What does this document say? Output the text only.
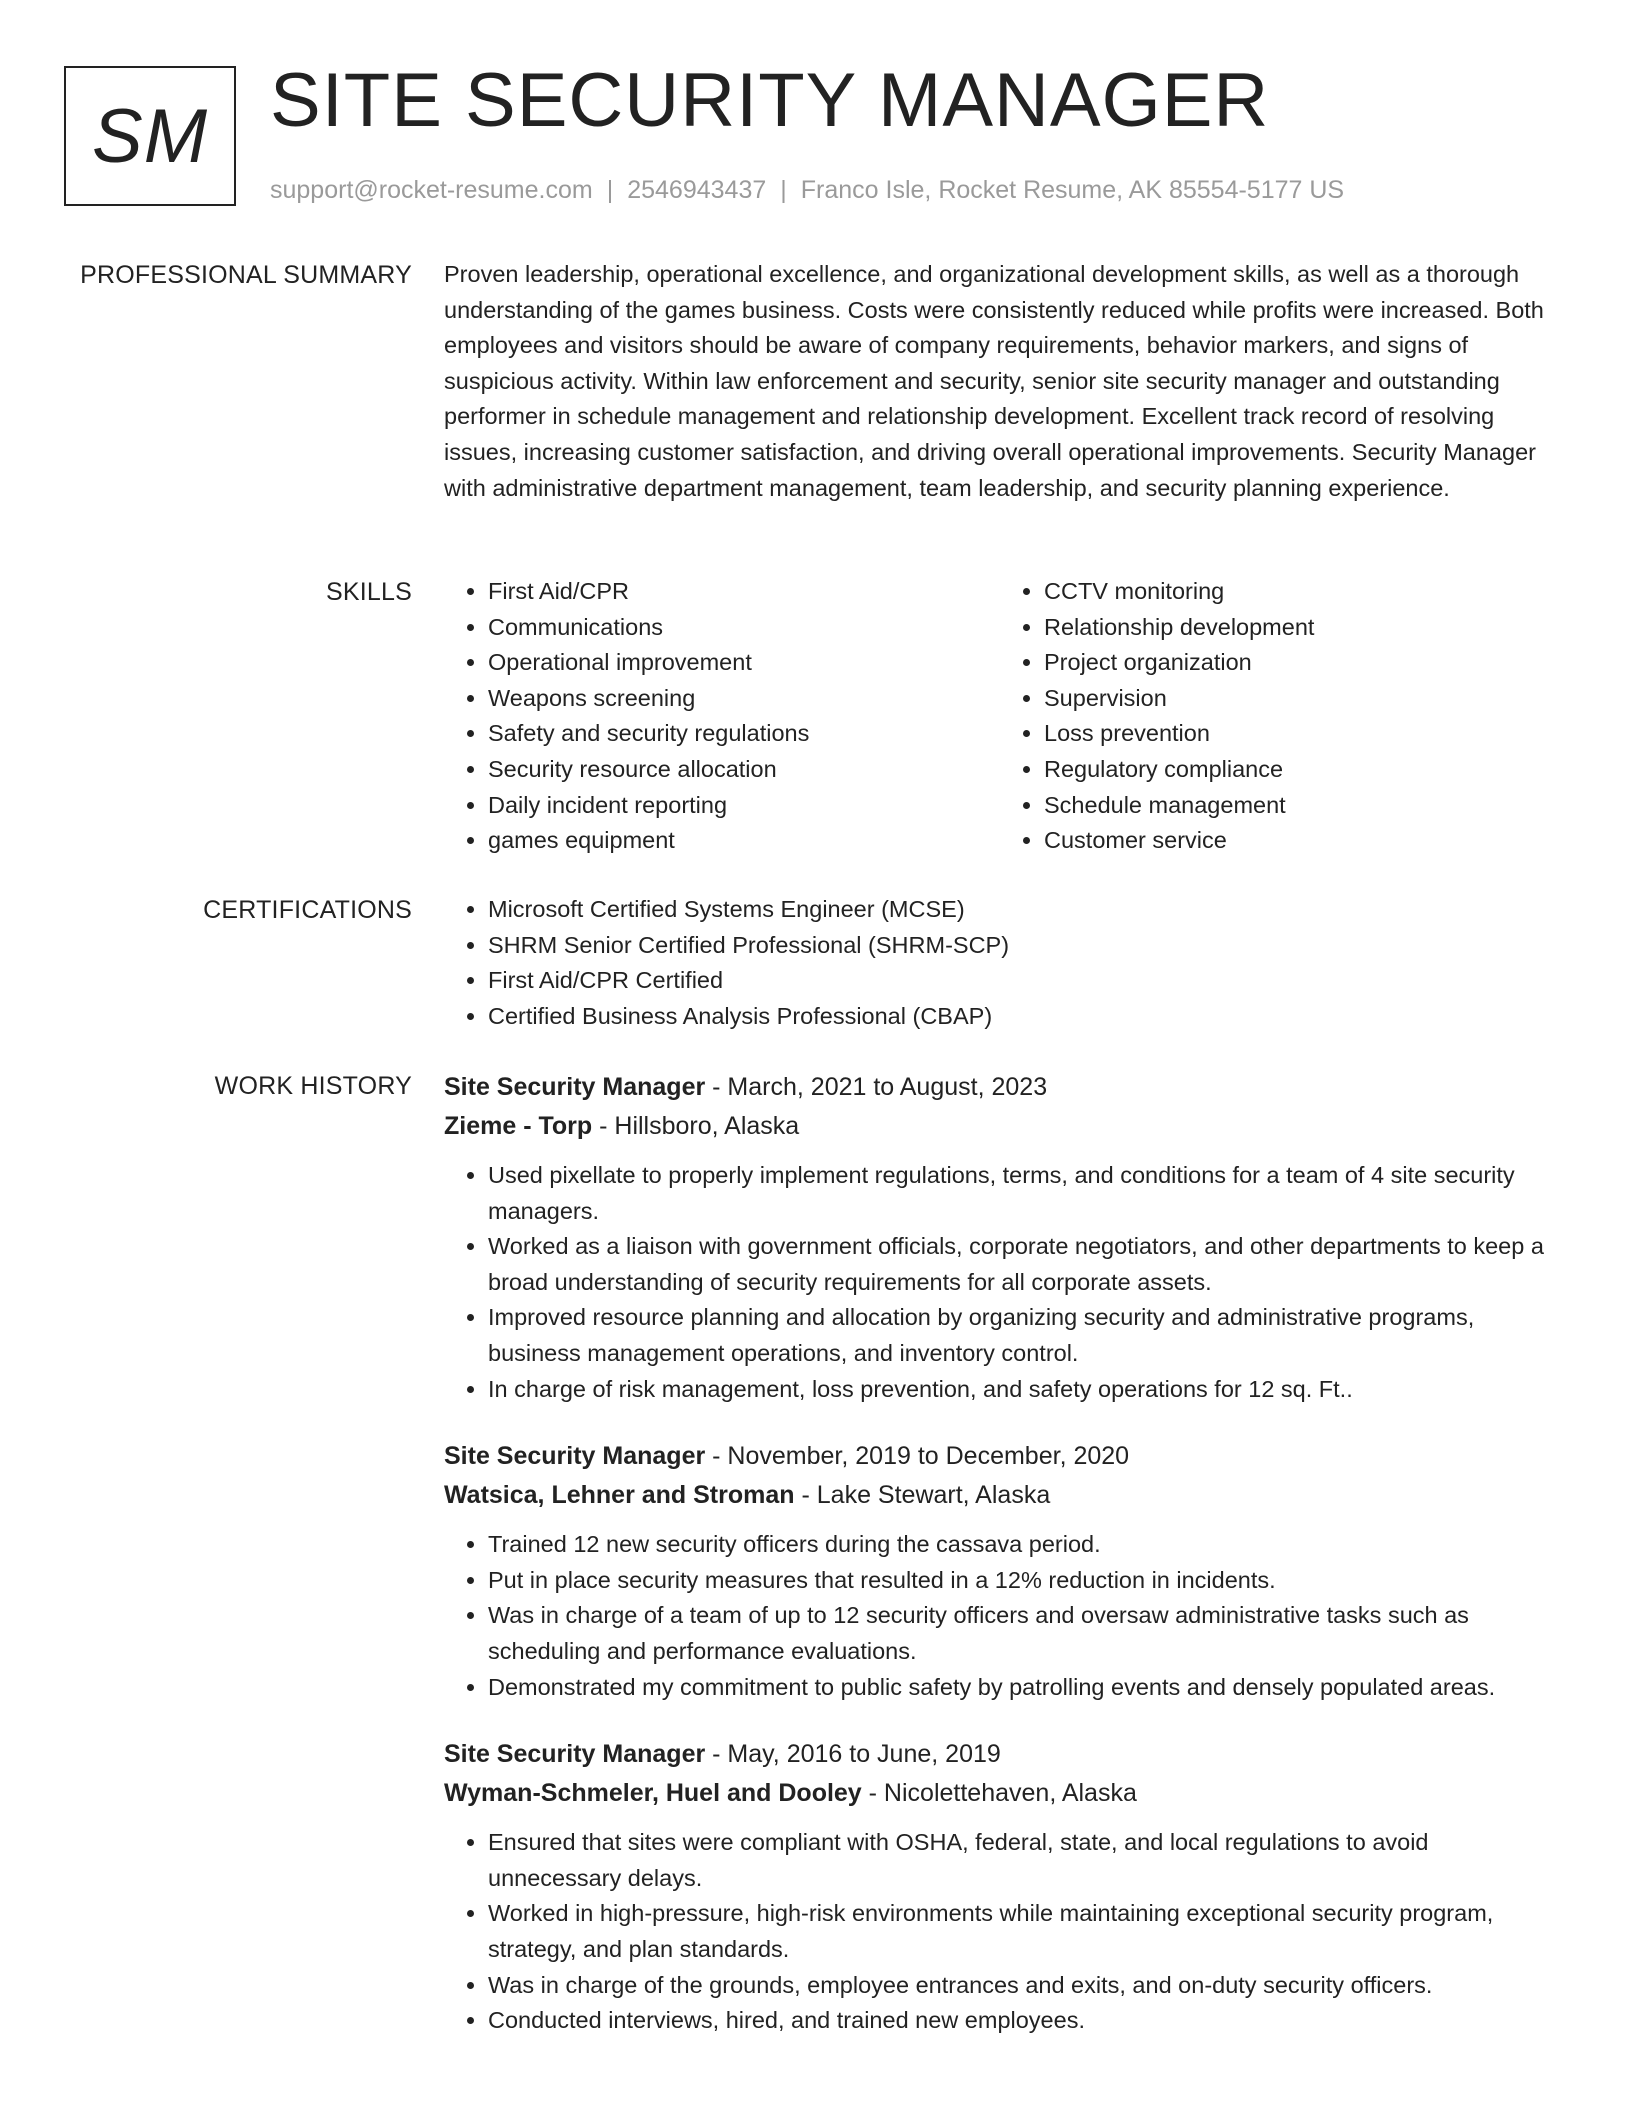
SM SITE SECURITY MANAGER
support@rocket-resume.com | 2546943437 | Franco Isle, Rocket Resume, AK 85554-5177 US
PROFESSIONAL SUMMARY Proven leadership, operational excellence, and organizational development skills, as well as a thorough understanding of the games business. Costs were consistently reduced while profits were increased. Both employees and visitors should be aware of company requirements, behavior markers, and signs of suspicious activity. Within law enforcement and security, senior site security manager and outstanding performer in schedule management and relationship development. Excellent track record of resolving issues, increasing customer satisfaction, and driving overall operational improvements. Security Manager with administrative department management, team leadership, and security planning experience.

SKILLS	• First Aid/CPR
• Communications
• Operational improvement
• Weapons screening
• Safety and security regulations
• Security resource allocation
• Daily incident reporting
• games equipment
• CCTV monitoring
• Relationship development
• Project organization
• Supervision
• Loss prevention
• Regulatory compliance
• Schedule management
• Customer service
CERTIFICATIONS	• Microsoft Certified Systems Engineer (MCSE)
• SHRM Senior Certified Professional (SHRM-SCP)
• First Aid/CPR Certified
• Certified Business Analysis Professional (CBAP)
WORK HISTORY Site Security Manager - March, 2021 to August, 2023
Zieme - Torp - Hillsboro, Alaska
• Used pixellate to properly implement regulations, terms, and conditions for a team of 4 site security managers.
• Worked as a liaison with government officials, corporate negotiators, and other departments to keep a broad understanding of security requirements for all corporate assets.
• Improved resource planning and allocation by organizing security and administrative programs, business management operations, and inventory control.
• In charge of risk management, loss prevention, and safety operations for 12 sq. Ft..
Site Security Manager - November, 2019 to December, 2020
Watsica, Lehner and Stroman - Lake Stewart, Alaska
• Trained 12 new security officers during the cassava period.
• Put in place security measures that resulted in a 12% reduction in incidents.
• Was in charge of a team of up to 12 security officers and oversaw administrative tasks such as scheduling and performance evaluations.
• Demonstrated my commitment to public safety by patrolling events and densely populated areas.
Site Security Manager - May, 2016 to June, 2019
Wyman-Schmeler, Huel and Dooley - Nicolettehaven, Alaska
• Ensured that sites were compliant with OSHA, federal, state, and local regulations to avoid unnecessary delays.
• Worked in high-pressure, high-risk environments while maintaining exceptional security program, strategy, and plan standards.
• Was in charge of the grounds, employee entrances and exits, and on-duty security officers.
• Conducted interviews, hired, and trained new employees.
